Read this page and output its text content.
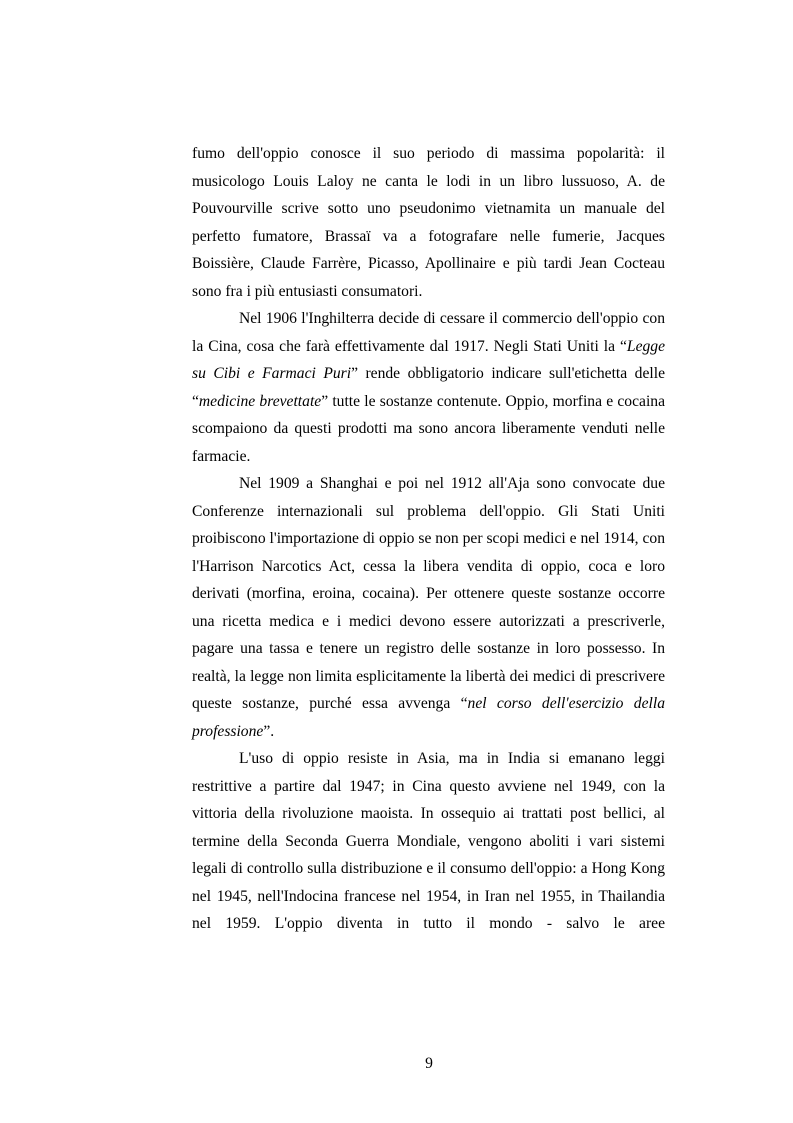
fumo dell'oppio conosce il suo periodo di massima popolarità: il musicologo Louis Laloy ne canta le lodi in un libro lussuoso, A. de Pouvourville scrive sotto uno pseudonimo vietnamita un manuale del perfetto fumatore, Brassaï va a fotografare nelle fumerie, Jacques Boissière, Claude Farrère, Picasso, Apollinaire e più tardi Jean Cocteau sono fra i più entusiasti consumatori.

Nel 1906 l'Inghilterra decide di cessare il commercio dell'oppio con la Cina, cosa che farà effettivamente dal 1917. Negli Stati Uniti la “Legge su Cibi e Farmaci Puri” rende obbligatorio indicare sull'etichetta delle “medicine brevettate” tutte le sostanze contenute. Oppio, morfina e cocaina scompaiono da questi prodotti ma sono ancora liberamente venduti nelle farmacie.

Nel 1909 a Shanghai e poi nel 1912 all'Aja sono convocate due Conferenze internazionali sul problema dell'oppio. Gli Stati Uniti proibiscono l'importazione di oppio se non per scopi medici e nel 1914, con l'Harrison Narcotics Act, cessa la libera vendita di oppio, coca e loro derivati (morfina, eroina, cocaina). Per ottenere queste sostanze occorre una ricetta medica e i medici devono essere autorizzati a prescriverle, pagare una tassa e tenere un registro delle sostanze in loro possesso. In realtà, la legge non limita esplicitamente la libertà dei medici di prescrivere queste sostanze, purché essa avvenga “nel corso dell'esercizio della professione”.

L'uso di oppio resiste in Asia, ma in India si emanano leggi restrittive a partire dal 1947; in Cina questo avviene nel 1949, con la vittoria della rivoluzione maoista. In ossequio ai trattati post bellici, al termine della Seconda Guerra Mondiale, vengono aboliti i vari sistemi legali di controllo sulla distribuzione e il consumo dell'oppio: a Hong Kong nel 1945, nell'Indocina francese nel 1954, in Iran nel 1955, in Thailandia nel 1959. L'oppio diventa in tutto il mondo - salvo le aree

9
